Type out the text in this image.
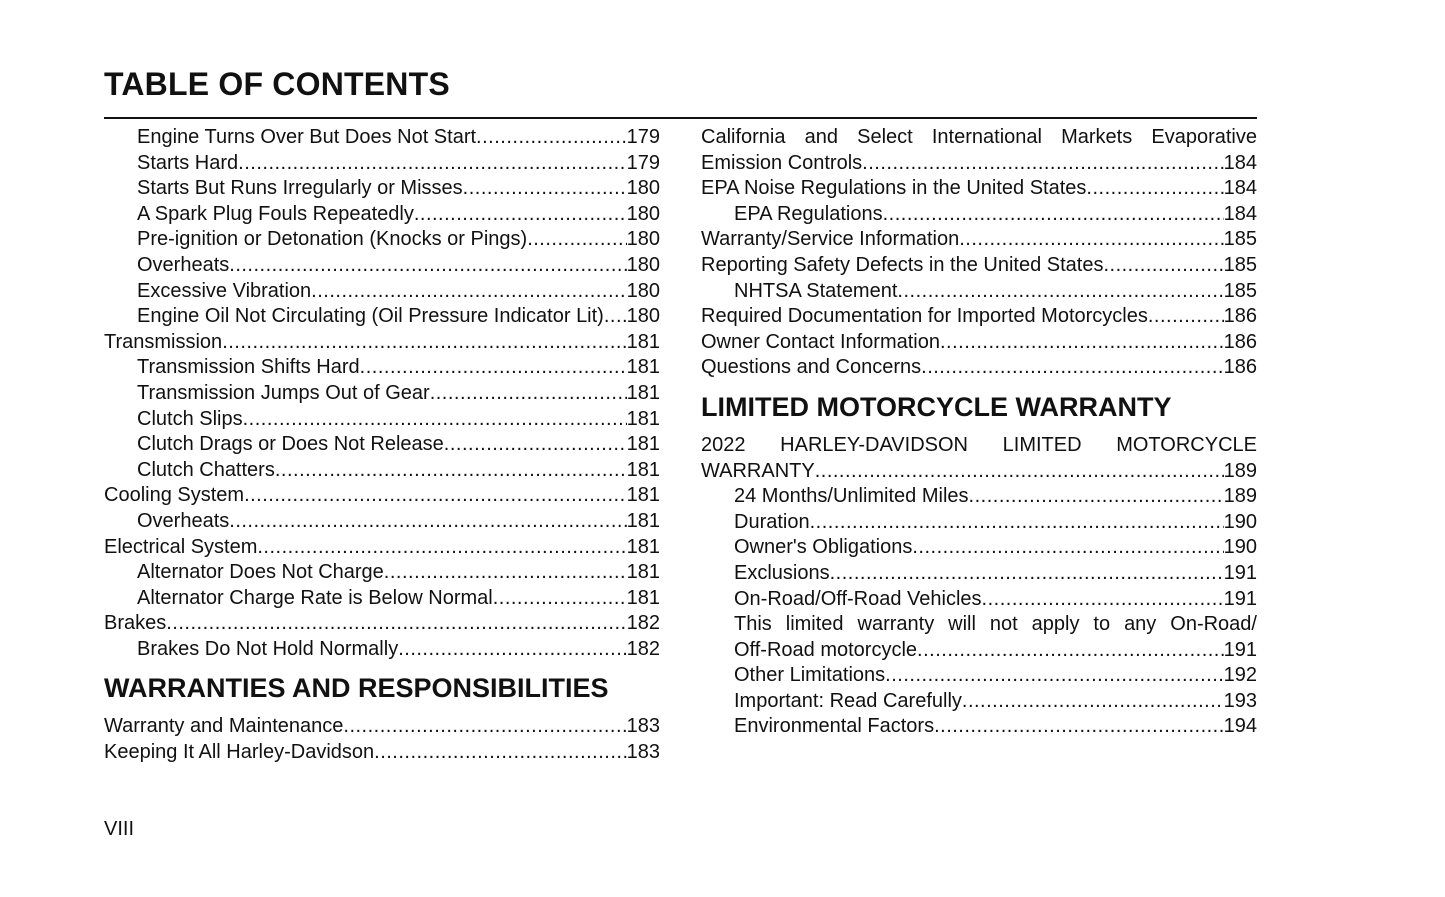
TABLE OF CONTENTS
Engine Turns Over But Does Not Start .....	179
Starts Hard .....	179
Starts But Runs Irregularly or Misses .....	180
A Spark Plug Fouls Repeatedly .....	180
Pre-ignition or Detonation (Knocks or Pings) .....	180
Overheats .....	180
Excessive Vibration .....	180
Engine Oil Not Circulating (Oil Pressure Indicator Lit) ..... 180
Transmission .....	181
Transmission Shifts Hard .....	181
Transmission Jumps Out of Gear .....	181
Clutch Slips .....	181
Clutch Drags or Does Not Release .....	181
Clutch Chatters .....	181
Cooling System .....	181
Overheats .....	181
Electrical System .....	181
Alternator Does Not Charge .....	181
Alternator Charge Rate is Below Normal .....	181
Brakes .....	182
Brakes Do Not Hold Normally .....	182
WARRANTIES AND RESPONSIBILITIES
Warranty and Maintenance .....	183
Keeping It All Harley-Davidson .....	183
California and Select International Markets Evaporative
Emission Controls .....	184
EPA Noise Regulations in the United States .....	184
EPA Regulations .....	184
Warranty/Service Information .....	185
Reporting Safety Defects in the United States .....	185
NHTSA Statement .....	185
Required Documentation for Imported Motorcycles .....	186
Owner Contact Information .....	186
Questions and Concerns .....	186
LIMITED MOTORCYCLE WARRANTY
2022 HARLEY-DAVIDSON LIMITED MOTORCYCLE
WARRANTY .....	189
24 Months/Unlimited Miles .....	189
Duration .....	190
Owner's Obligations .....	190
Exclusions .....	191
On-Road/Off-Road Vehicles .....	191
This limited warranty will not apply to any On-Road/
Off-Road motorcycle .....	191
Other Limitations .....	192
Important: Read Carefully .....	193
Environmental Factors .....	194
VIII
